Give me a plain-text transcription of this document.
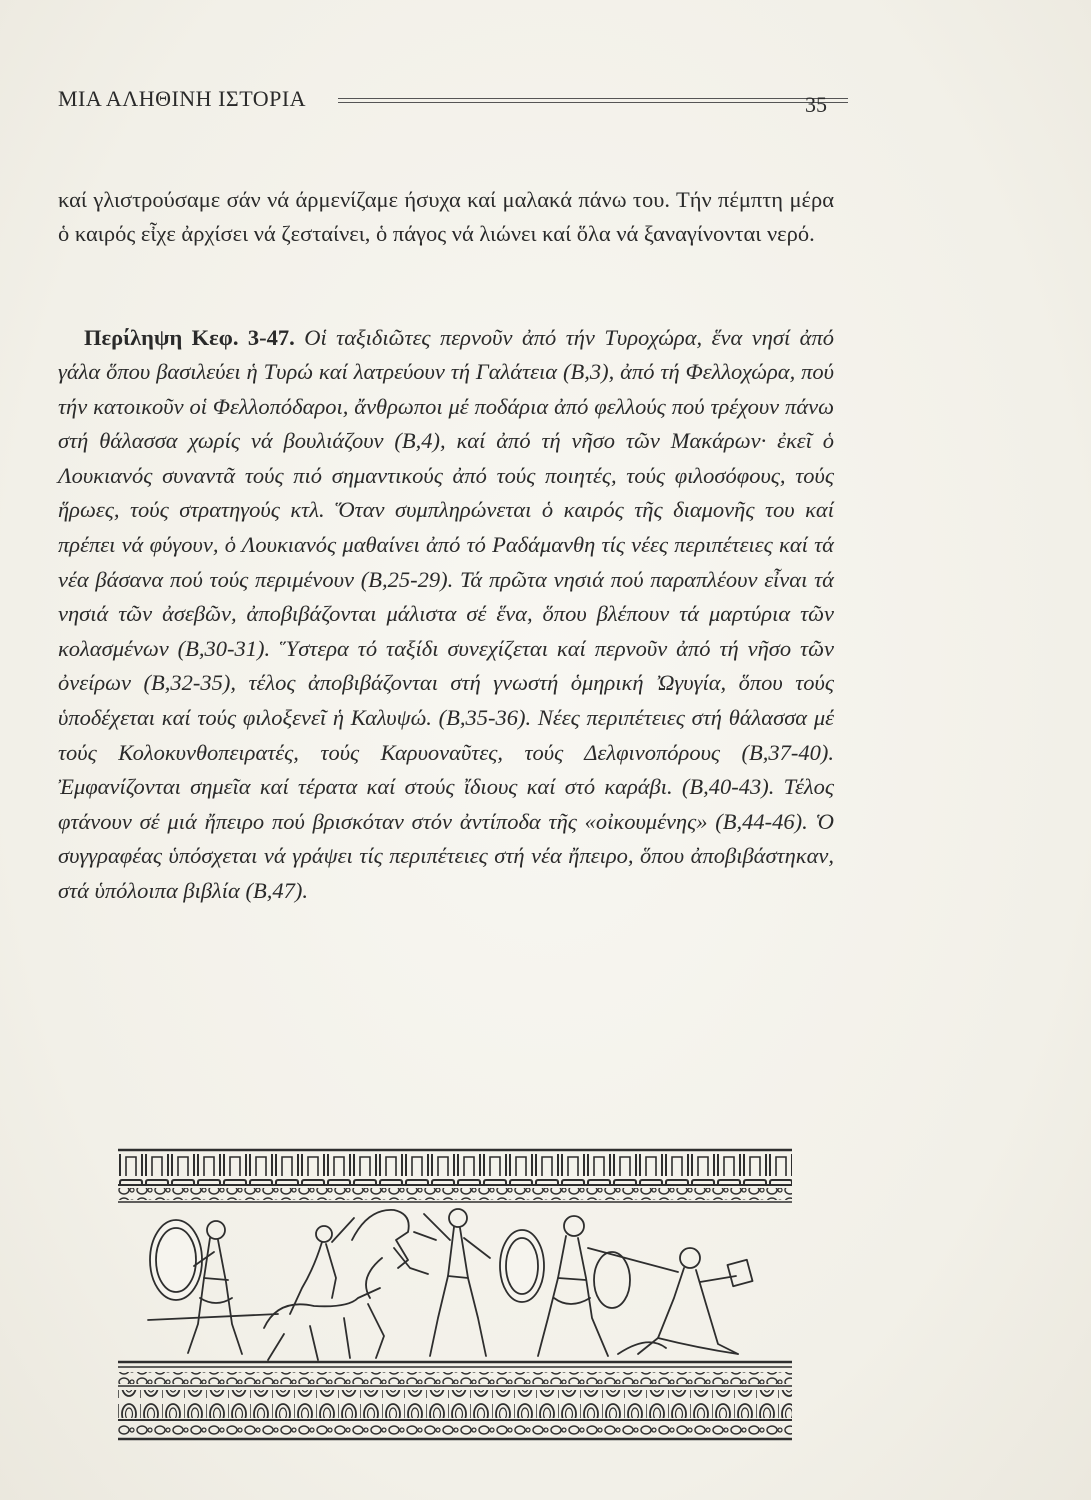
ΜΙΑ ΑΛΗΘΙΝΗ ΙΣΤΟΡΙΑ	35

καί γλιστρούσαμε σάν νά άρμενίζαμε ήσυχα καί μαλακά πάνω του. Τήν πέμπτη μέρα ὁ καιρός εἶχε ἀρχίσει νά ζεσταίνει, ὁ πάγος νά λιώνει καί ὅλα νά ξαναγίνονται νερό.

Περίληψη Κεφ. 3-47. Οἱ ταξιδιῶτες περνοῦν ἀπό τήν Τυροχώρα, ἕνα νησί ἀπό γάλα ὅπου βασιλεύει ἡ Τυρώ καί λατρεύουν τή Γαλάτεια (Β,3), ἀπό τή Φελλοχώρα, πού τήν κατοικοῦν οἱ Φελλοπόδαροι, ἄνθρωποι μέ ποδάρια ἀπό φελλούς πού τρέχουν πάνω στή θάλασσα χωρίς νά βουλιάζουν (Β,4), καί ἀπό τή νῆσο τῶν Μακάρων· ἐκεῖ ὁ Λουκιανός συναντᾶ τούς πιό σημαντικούς ἀπό τούς ποιητές, τούς φιλοσόφους, τούς ἥρωες, τούς στρατηγούς κτλ. Ὅταν συμπληρώνεται ὁ καιρός τῆς διαμονῆς του καί πρέπει νά φύγουν, ὁ Λουκιανός μαθαίνει ἀπό τό Ραδάμανθη τίς νέες περιπέτειες καί τά νέα βάσανα πού τούς περιμένουν (Β,25-29). Τά πρῶτα νησιά πού παραπλέουν εἶναι τά νησιά τῶν ἀσεβῶν, ἀποβιβάζονται μάλιστα σέ ἕνα, ὅπου βλέπουν τά μαρτύρια τῶν κολασμένων (Β,30-31). Ὕστερα τό ταξίδι συνεχίζεται καί περνοῦν ἀπό τή νῆσο τῶν ὀνείρων (Β,32-35), τέλος ἀποβιβάζονται στή γνωστή ὁμηρική Ὠγυγία, ὅπου τούς ὑποδέχεται καί τούς φιλοξενεῖ ἡ Καλυψώ. (Β,35-36). Νέες περιπέτειες στή θάλασσα μέ τούς Κολοκυνθοπειρατές, τούς Καρυοναῦτες, τούς Δελφινοπόρους (Β,37-40). Ἐμφανίζονται σημεῖα καί τέρατα καί στούς ἴδιους καί στό καράβι. (Β,40-43). Τέλος φτάνουν σέ μιά ἤπειρο πού βρισκόταν στόν ἀντίποδα τῆς «οἰκουμένης» (Β,44-46). Ὁ συγγραφέας ὑπόσχεται νά γράψει τίς περιπέτειες στή νέα ἤπειρο, ὅπου ἀποβιβάστηκαν, στά ὑπόλοιπα βιβλία (Β,47).
